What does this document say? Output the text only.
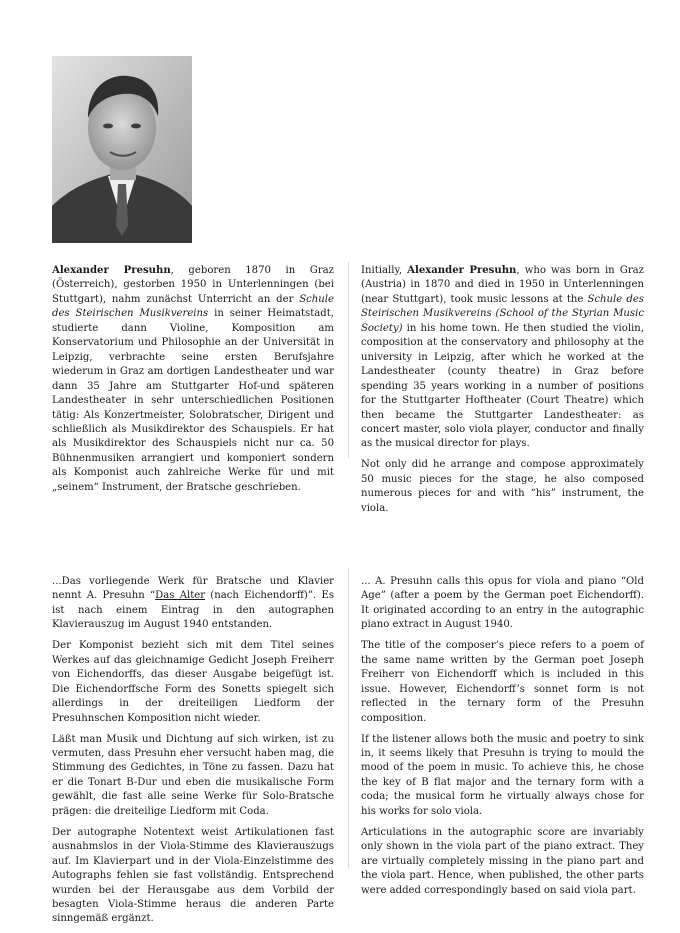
Alexander Presuhn, geboren 1870 in Graz (Österreich), gestorben 1950 in Unterlenningen (bei Stuttgart), nahm zunächst Unterricht an der Schule des Steirischen Musikvereins in seiner Heimatstadt, studierte dann Violine, Komposition am Konservatorium und Philosophie an der Universität in Leipzig, verbrachte seine ersten Berufsjahre wiederum in Graz am dortigen Landestheater und war dann 35 Jahre am Stuttgarter Hof-und späteren Landestheater in sehr unterschiedlichen Positionen tätig: Als Konzertmeister, Solobratscher, Dirigent und schließlich als Musikdirektor des Schauspiels. Er hat als Musikdirektor des Schauspiels nicht nur ca. 50 Bühnenmusiken arrangiert und komponiert sondern als Komponist auch zahlreiche Werke für und mit „seinem“ Instrument, der Bratsche geschrieben.

Initially, Alexander Presuhn, who was born in Graz (Austria) in 1870 and died in 1950 in Unterlenningen (near Stuttgart), took music lessons at the Schule des Steirischen Musikvereins (School of the Styrian Music Society) in his home town. He then studied the violin, composition at the conservatory and philosophy at the university in Leipzig, after which he worked at the Landestheater (county theatre) in Graz before spending 35 years working in a number of positions for the Stuttgarter Hoftheater (Court Theatre) which then became the Stuttgarter Landestheater: as concert master, solo viola player, conductor and finally as the musical director for plays.

Not only did he arrange and compose approximately 50 music pieces for the stage, he also composed numerous pieces for and with “his” instrument, the viola.

...Das vorliegende Werk für Bratsche und Klavier nennt A. Presuhn “Das Alter (nach Eichendorff)”. Es ist nach einem Eintrag in den autographen Klavierauszug im August 1940 entstanden.

Der Komponist bezieht sich mit dem Titel seines Werkes auf das gleichnamige Gedicht Joseph Freiherr von Eichendorffs, das dieser Ausgabe beigefügt ist. Die Eichendorffsche Form des Sonetts spiegelt sich allerdings in der dreiteiligen Liedform der Presuhnschen Komposition nicht wieder.

Läßt man Musik und Dichtung auf sich wirken, ist zu vermuten, dass Presuhn eher versucht haben mag, die Stimmung des Gedichtes, in Töne zu fassen. Dazu hat er die Tonart B-Dur und eben die musikalische Form gewählt, die fast alle seine Werke für Solo-Bratsche prägen: die dreiteilige Liedform mit Coda.

Der autographe Notentext weist Artikulationen fast ausnahmslos in der Viola-Stimme des Klavierauszugs auf. Im Klavierpart und in der Viola-Einzelstimme des Autographs fehlen sie fast vollständig. Entsprechend wurden bei der Herausgabe aus dem Vorbild der besagten Viola-Stimme heraus die anderen Parte sinngemäß ergänzt.

... A. Presuhn calls this opus for viola and piano “Old Age” (after a poem by the German poet Eichendorff). It originated according to an entry in the autographic piano extract in August 1940.

The title of the composer’s piece refers to a poem of the same name written by the German poet Joseph Freiherr von Eichendorff which is included in this issue. However, Eichendorff’s sonnet form is not reflected in the ternary form of the Presuhn composition.

If the listener allows both the music and poetry to sink in, it seems likely that Presuhn is trying to mould the mood of the poem in music. To achieve this, he chose the key of B flat major and the ternary form with a coda; the musical form he virtually always chose for his works for solo viola.

Articulations in the autographic score are invariably only shown in the viola part of the piano extract. They are virtually completely missing in the piano part and the viola part. Hence, when published, the other parts were added correspondingly based on said viola part.
